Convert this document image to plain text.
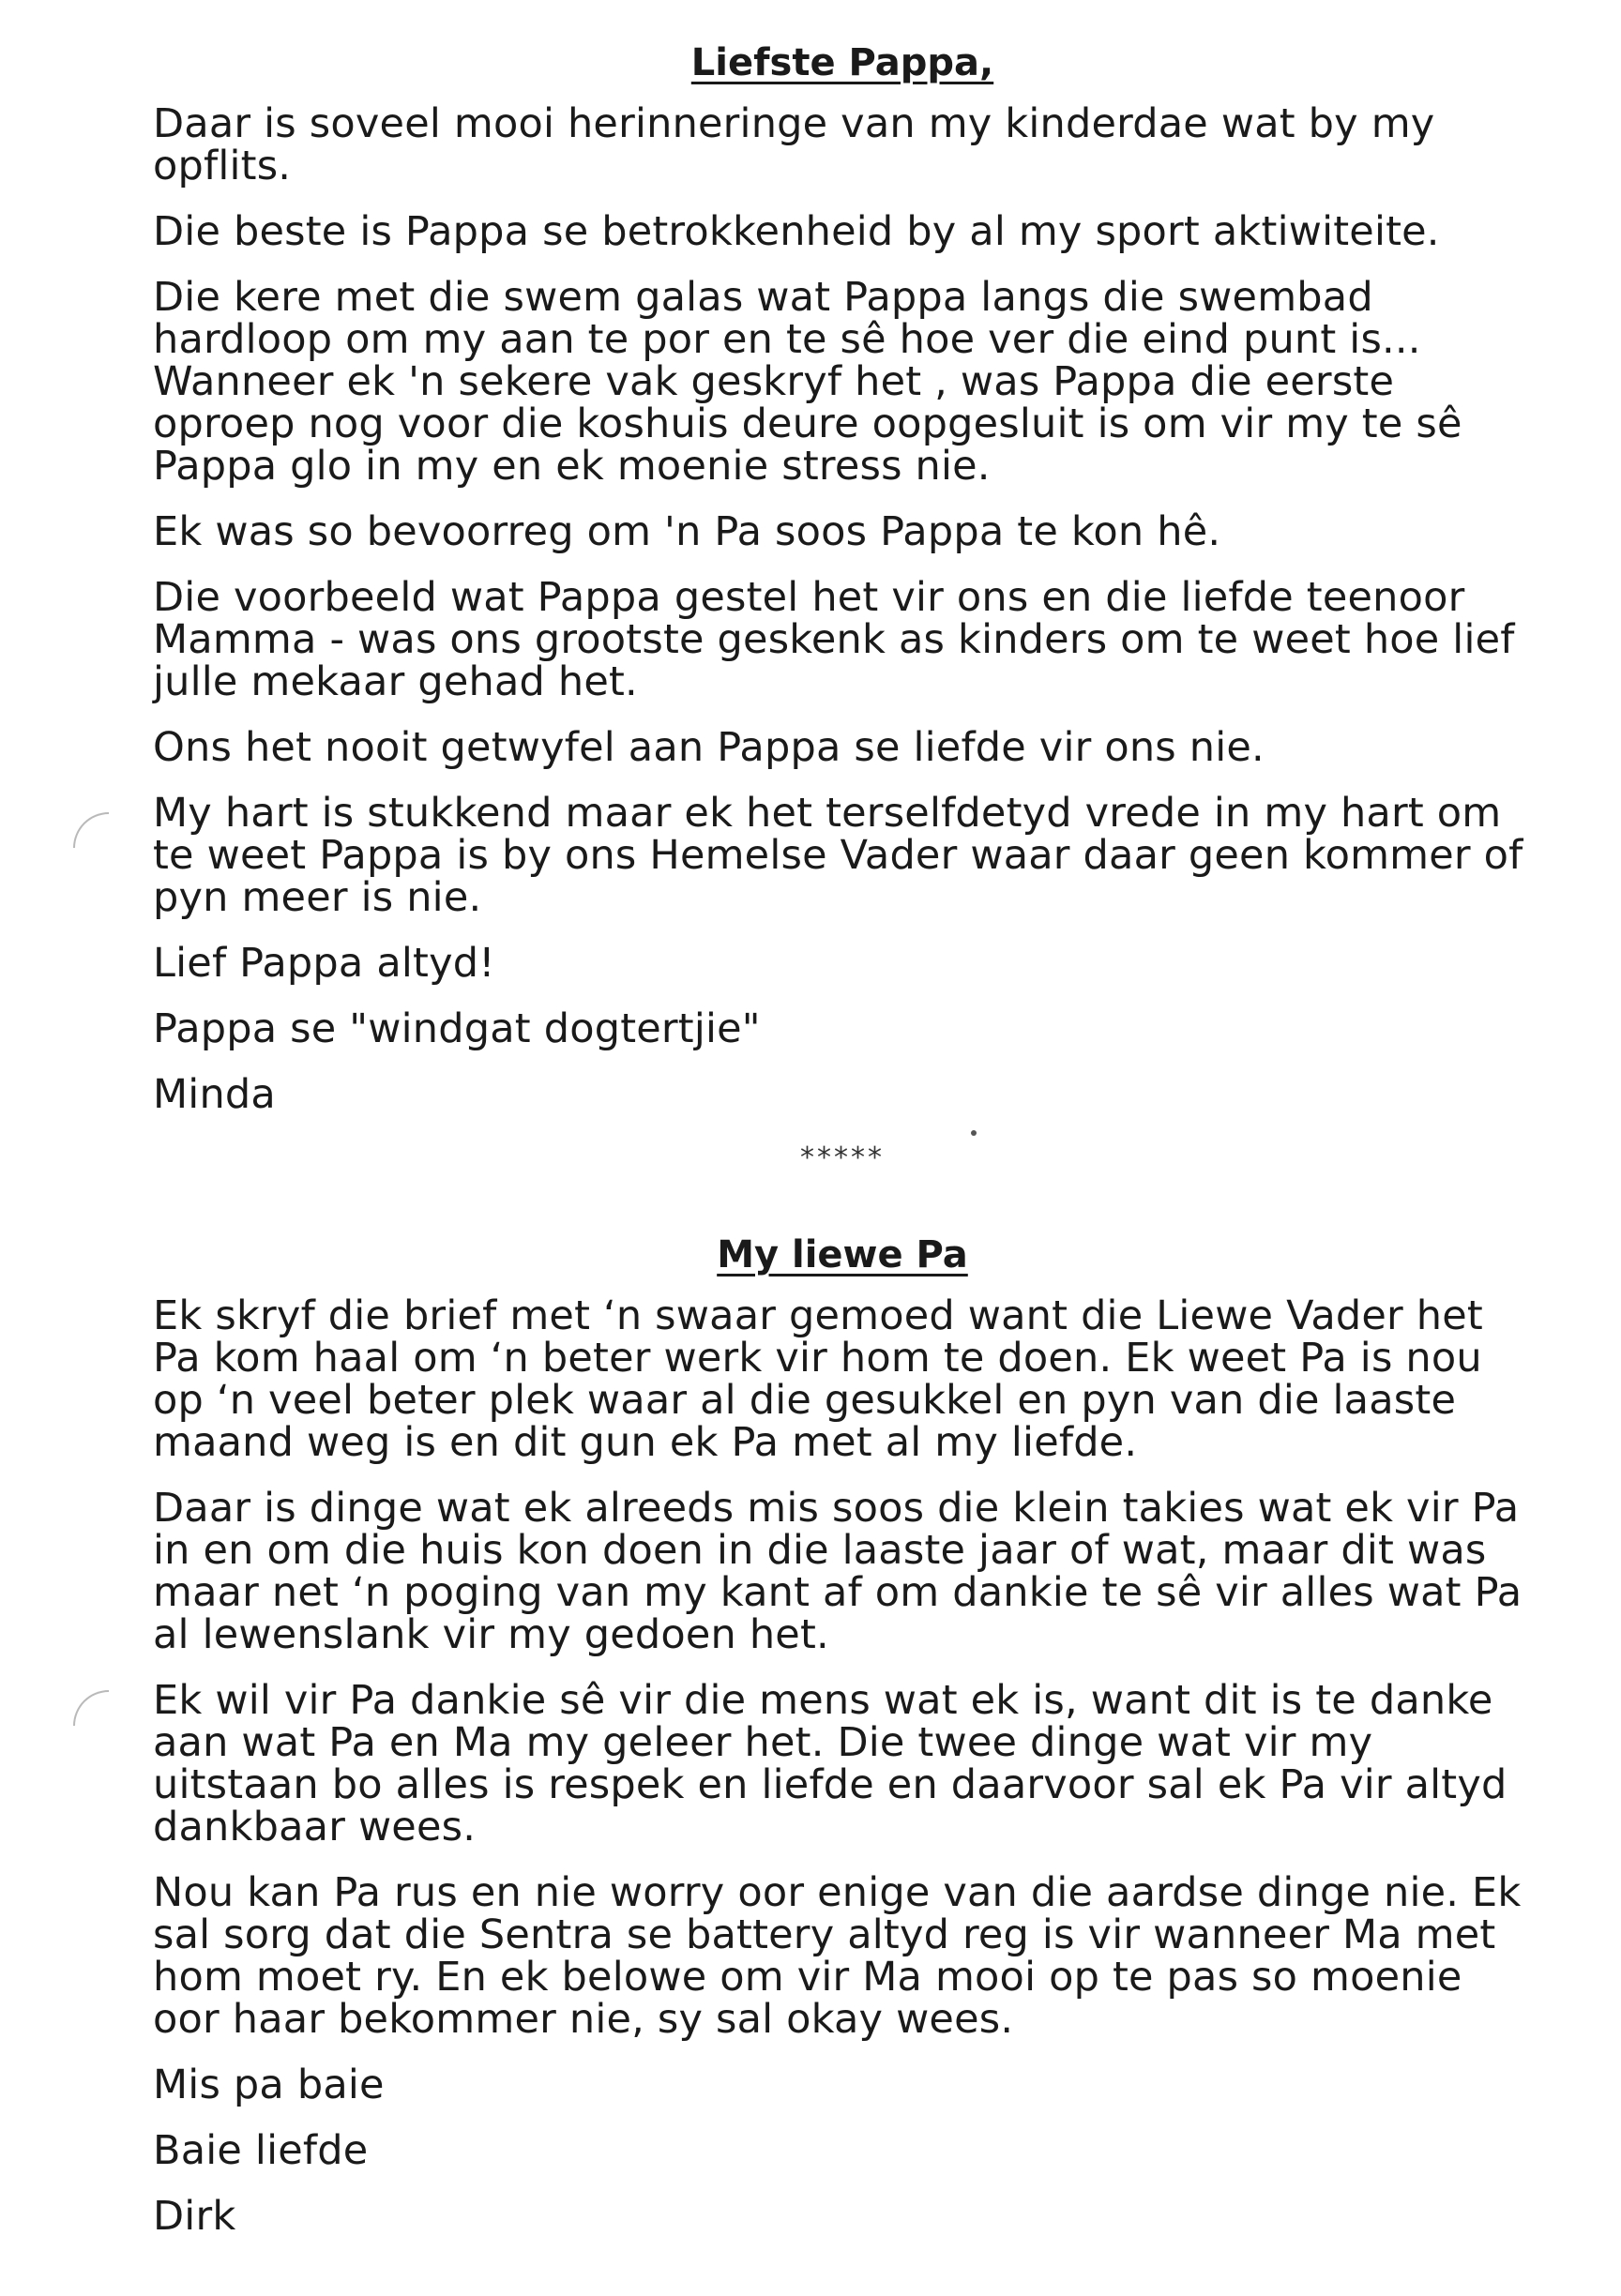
Liefste Pappa,

Daar is soveel mooi herinneringe van my kinderdae wat by my opflits.

Die beste is Pappa se betrokkenheid by al my sport aktiwiteite.

Die kere met die swem galas wat Pappa langs die swembad hardloop om my aan te por en te sê hoe ver die eind punt is... Wanneer ek 'n sekere vak geskryf het , was Pappa die eerste oproep nog voor die koshuis deure oopgesluit is om vir my te sê Pappa glo in my en ek moenie stress nie.

Ek was so bevoorreg om 'n Pa soos Pappa te kon hê.

Die voorbeeld wat Pappa gestel het vir ons en die liefde teenoor Mamma - was ons grootste geskenk as kinders om te weet hoe lief julle mekaar gehad het.

Ons het nooit getwyfel aan Pappa se liefde vir ons nie.

My hart is stukkend maar ek het terselfdetyd vrede in my hart om te weet Pappa is by ons Hemelse Vader waar daar geen kommer of pyn meer is nie.

Lief Pappa altyd!

Pappa se "windgat dogtertjie"

Minda

*****
My liewe Pa

Ek skryf die brief met ‘n swaar gemoed want die Liewe Vader het Pa kom haal om ‘n beter werk vir hom te doen. Ek weet Pa is nou op ‘n veel beter plek waar al die gesukkel en pyn van die laaste maand weg is en dit gun ek Pa met al my liefde.

Daar is dinge wat ek alreeds mis soos die klein takies wat ek vir Pa in en om die huis kon doen in die laaste jaar of wat, maar dit was maar net ‘n poging van my kant af om dankie te sê vir alles wat Pa al lewenslank vir my gedoen het.

Ek wil vir Pa dankie sê vir die mens wat ek is, want dit is te danke aan wat Pa en Ma my geleer het. Die twee dinge wat vir my uitstaan bo alles is respek en liefde en daarvoor sal ek Pa vir altyd dankbaar wees.

Nou kan Pa rus en nie worry oor enige van die aardse dinge nie. Ek sal sorg dat die Sentra se battery altyd reg is vir wanneer Ma met hom moet ry. En ek belowe om vir Ma mooi op te pas so moenie oor haar bekommer nie, sy sal okay wees.

Mis pa baie

Baie liefde

Dirk
